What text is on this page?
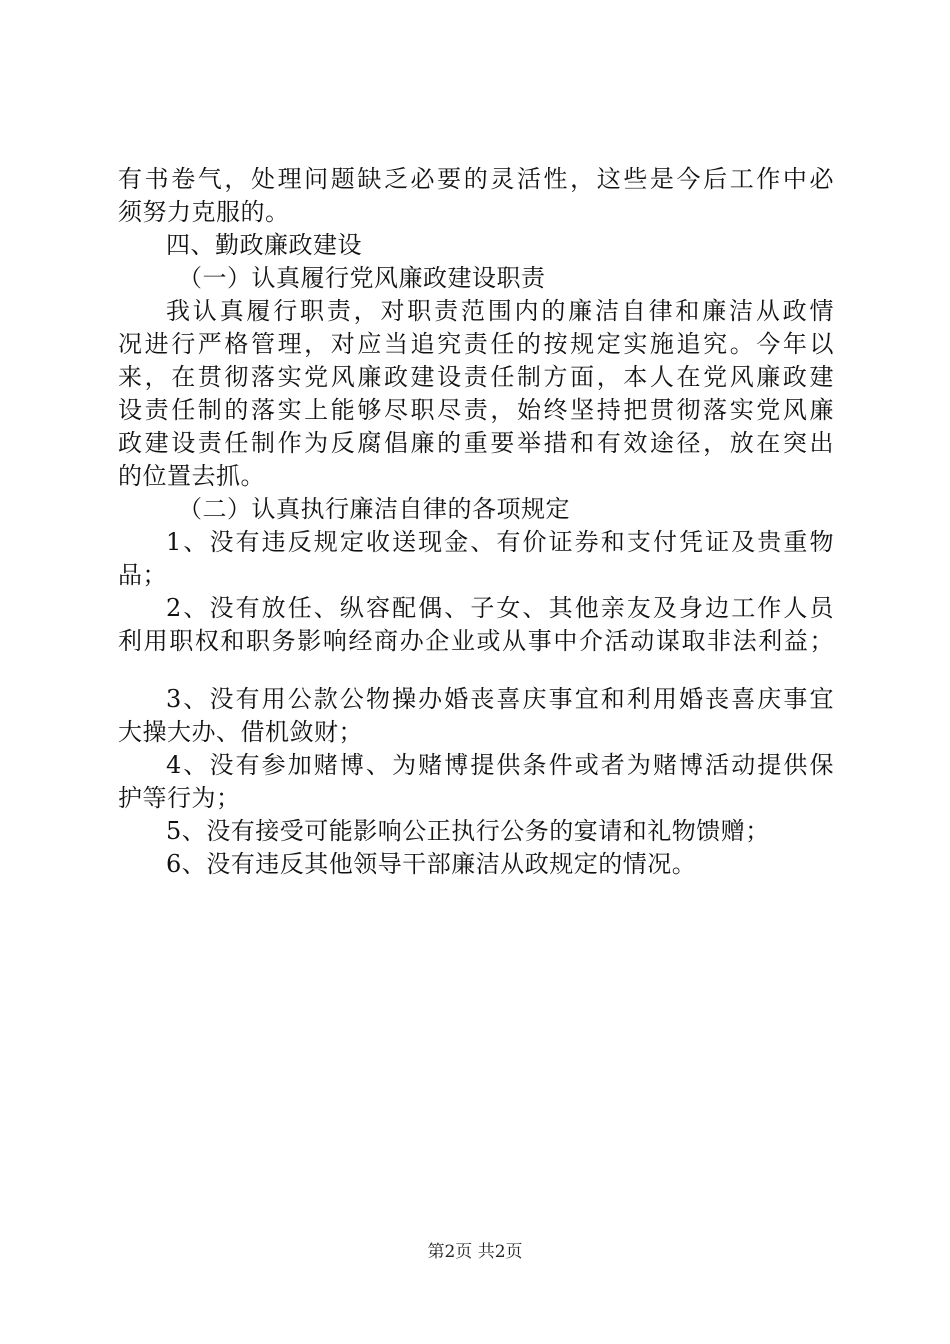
有书卷气，处理问题缺乏必要的灵活性，这些是今后工作中必
须努力克服的。
四、勤政廉政建设
（一）认真履行党风廉政建设职责
我认真履行职责，对职责范围内的廉洁自律和廉洁从政情
况进行严格管理，对应当追究责任的按规定实施追究。今年以
来，在贯彻落实党风廉政建设责任制方面，本人在党风廉政建
设责任制的落实上能够尽职尽责，始终坚持把贯彻落实党风廉
政建设责任制作为反腐倡廉的重要举措和有效途径，放在突出
的位置去抓。
（二）认真执行廉洁自律的各项规定
1、没有违反规定收送现金、有价证券和支付凭证及贵重物
品；
2、没有放任、纵容配偶、子女、其他亲友及身边工作人员
利用职权和职务影响经商办企业或从事中介活动谋取非法利益；
3、没有用公款公物操办婚丧喜庆事宜和利用婚丧喜庆事宜
大操大办、借机敛财；
4、没有参加赌博、为赌博提供条件或者为赌博活动提供保
护等行为；
5、没有接受可能影响公正执行公务的宴请和礼物馈赠；
6、没有违反其他领导干部廉洁从政规定的情况。
第2页 共2页
